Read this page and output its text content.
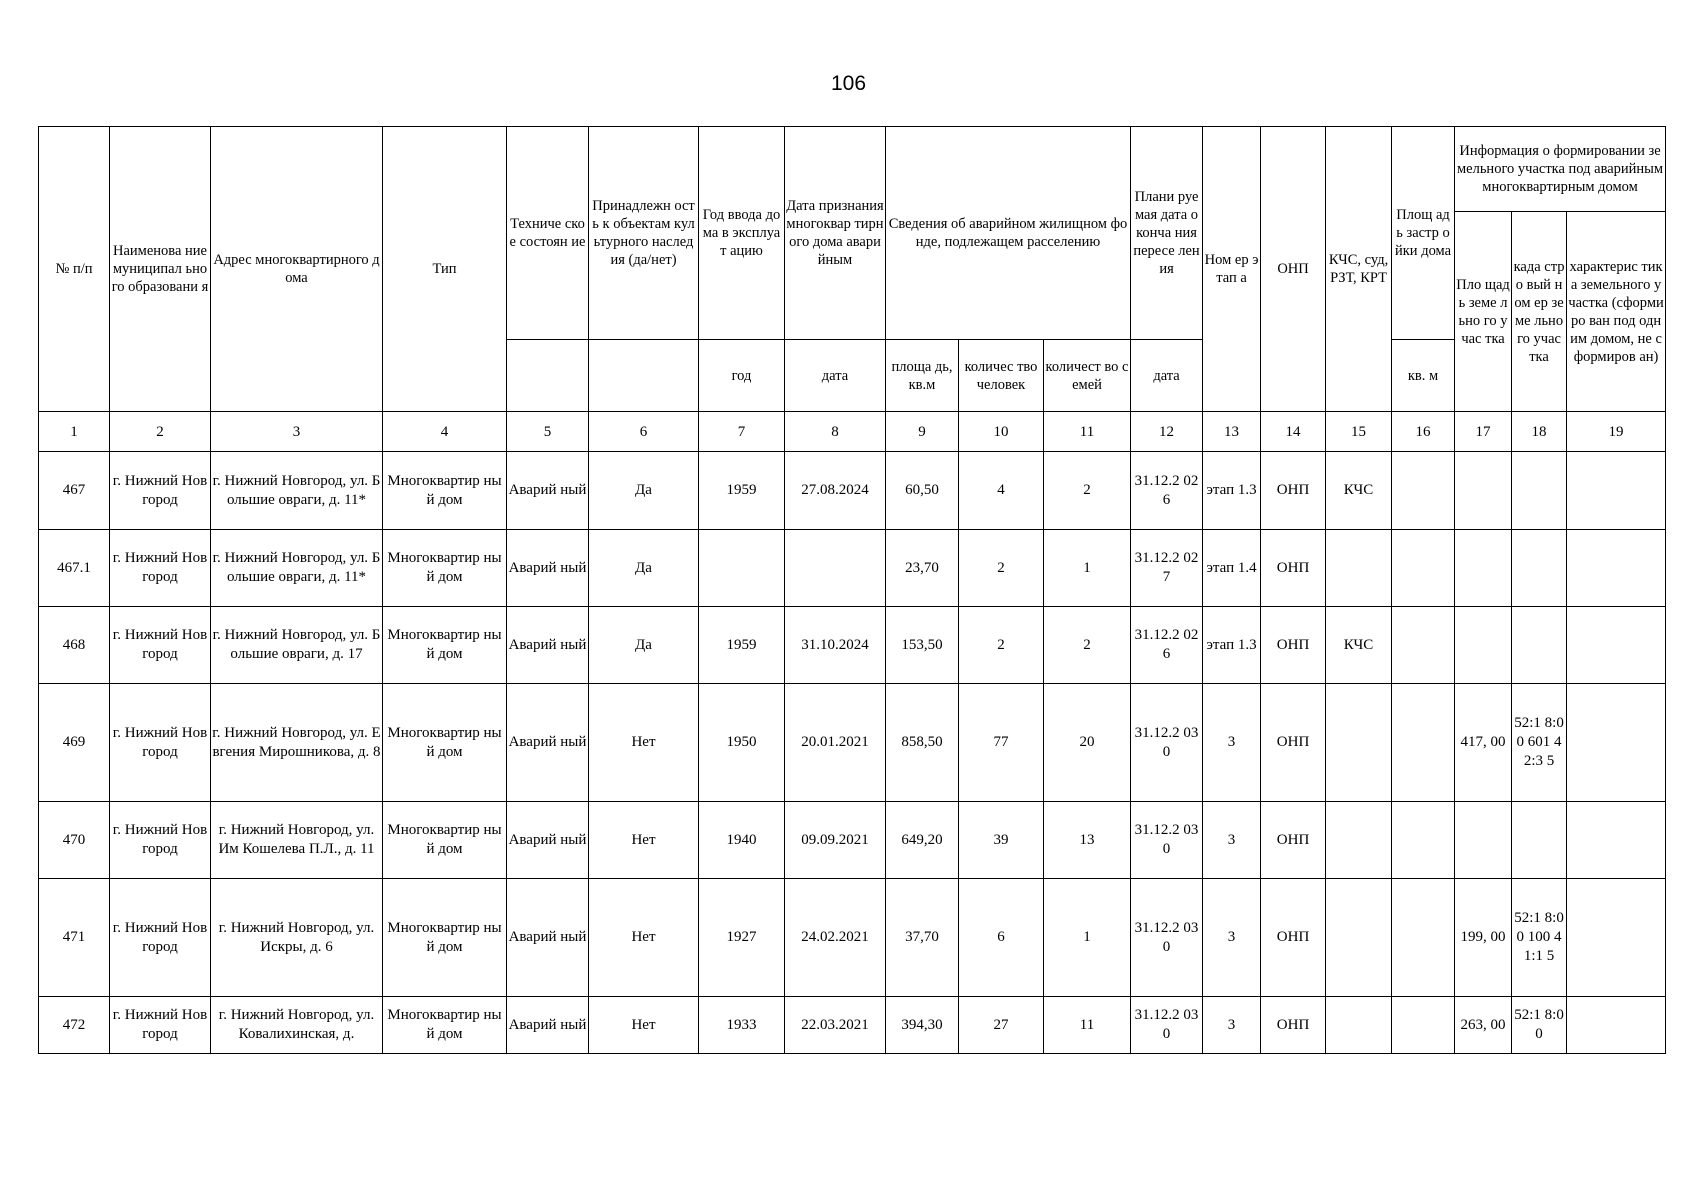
106
№ п/п	Наименова ние муниципал ьного образовани я	Адрес многоквартирного дома	Тип	Техниче ское состоян ие	Принадлежн ость к объектам культурного наследия (да/нет)	Год ввода дома в эксплуат ацию	Дата признания многоквар тирного дома аварийным	Сведения об аварийном жилищном фонде, подлежащем расселению			Плани руемая дата оконча ния пересе ления	Ном ер этап а	ОНП	КЧС, суд, РЗТ, КРТ	Площ адь застр ойки дома	Информация о формировании земельного участка под аварийным многоквартирным домом		
																Пло щадь земе льно го учас тка	када стро вый ном ер земе льно го учас тка	характерис тика земельного участка (сформиро ван под одним домом, не сформиров ан)
						год	дата	площа дь, кв.м	количес тво человек	количест во семей	дата				кв. м			

1	2	3	4	5	6	7	8	9	10	11	12	13	14	15	16	17	18	19
467	г. Нижний Новгород	г. Нижний Новгород, ул. Большие овраги, д. 11*	Многоквартир ный дом	Аварий ный	Да	1959	27.08.2024	60,50	4	2	31.12.2 026	этап 1.3	ОНП	КЧС				
467.1	г. Нижний Новгород	г. Нижний Новгород, ул. Большие овраги, д. 11*	Многоквартир ный дом	Аварий ный	Да			23,70	2	1	31.12.2 027	этап 1.4	ОНП					
468	г. Нижний Новгород	г. Нижний Новгород, ул. Большие овраги, д. 17	Многоквартир ный дом	Аварий ный	Да	1959	31.10.2024	153,50	2	2	31.12.2 026	этап 1.3	ОНП	КЧС				
469	г. Нижний Новгород	г. Нижний Новгород, ул. Евгения Мирошникова, д. 8	Многоквартир ный дом	Аварий ный	Нет	1950	20.01.2021	858,50	77	20	31.12.2 030	3	ОНП			417, 00	52:1 8:00 601 42:3 5	
470	г. Нижний Новгород	г. Нижний Новгород, ул. Им Кошелева П.Л., д. 11	Многоквартир ный дом	Аварий ный	Нет	1940	09.09.2021	649,20	39	13	31.12.2 030	3	ОНП					
471	г. Нижний Новгород	г. Нижний Новгород, ул. Искры, д. 6	Многоквартир ный дом	Аварий ный	Нет	1927	24.02.2021	37,70	6	1	31.12.2 030	3	ОНП			199, 00	52:1 8:00 100 41:1 5	
472	г. Нижний Новгород	г. Нижний Новгород, ул. Ковалихинская, д.	Многоквартир ный дом	Аварий ный	Нет	1933	22.03.2021	394,30	27	11	31.12.2 030	3	ОНП			263, 00	52:1 8:00	
